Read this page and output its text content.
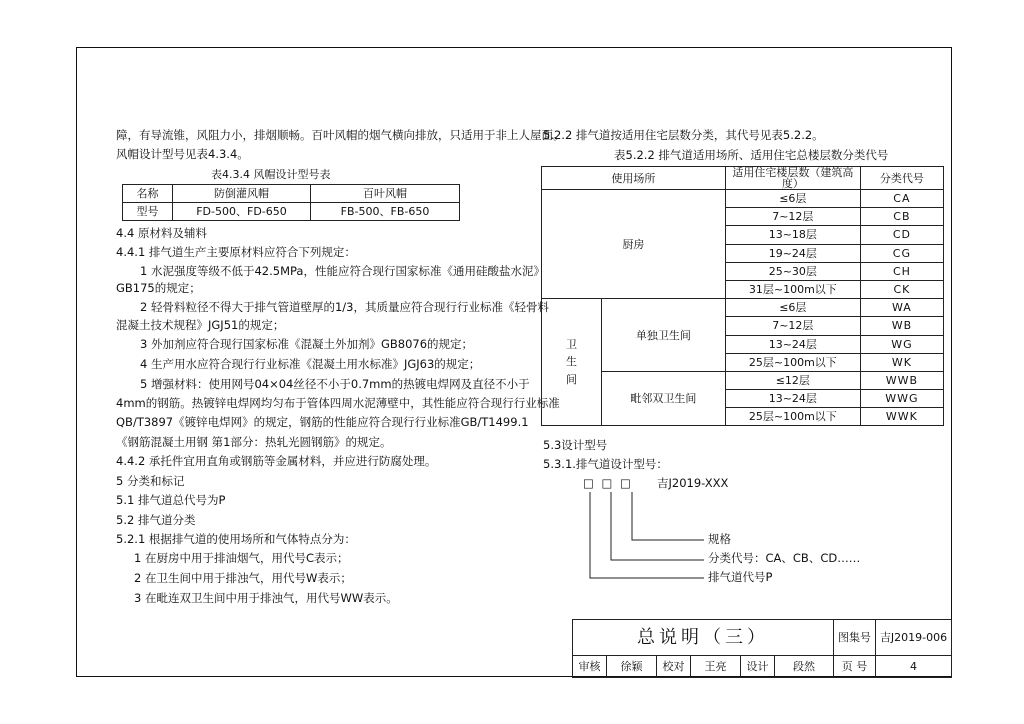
障，有导流锥，风阻力小，排烟顺畅。百叶风帽的烟气横向排放，只适用于非上人屋面。
风帽设计型号见表4.3.4。
表4.3.4 风帽设计型号表
名称	防倒灌风帽	百叶风帽
型号	FD-500、FD-650	FB-500、FB-650
4.4 原材料及辅料
4.4.1 排气道生产主要原材料应符合下列规定：
1 水泥强度等级不低于42.5MPa，性能应符合现行国家标准《通用硅酸盐水泥》
GB175的规定；
2 轻骨料粒径不得大于排气管道壁厚的1/3，其质量应符合现行行业标准《轻骨料
混凝土技术规程》JGJ51的规定；
3 外加剂应符合现行国家标准《混凝土外加剂》GB8076的规定；
4 生产用水应符合现行行业标准《混凝土用水标准》JGJ63的规定；
5 增强材料：使用网号04×04丝径不小于0.7mm的热镀电焊网及直径不小于
4mm的钢筋。热镀锌电焊网均匀布于管体四周水泥薄壁中，其性能应符合现行行业标准
QB/T3897《镀锌电焊网》的规定，钢筋的性能应符合现行行业标准GB/T1499.1
《钢筋混凝土用钢 第1部分：热轧光圆钢筋》的规定。
4.4.2 承托件宜用直角或钢筋等金属材料，并应进行防腐处理。
5 分类和标记
5.1 排气道总代号为P
5.2 排气道分类
5.2.1 根据排气道的使用场所和气体特点分为：
1 在厨房中用于排油烟气，用代号C表示；
2 在卫生间中用于排浊气，用代号W表示；
3 在毗连双卫生间中用于排浊气，用代号WW表示。
5.2.2 排气道按适用住宅层数分类，其代号见表5.2.2。
表5.2.2 排气道适用场所、适用住宅总楼层数分类代号
使用场所		适用住宅楼层数（建筑高度）	分类代号
厨房		≤6层	CA
		7~12层	CB
		13~18层	CD
		19~24层	CG
		25~30层	CH
		31层~100m以下	CK
卫
生
间	单独卫生间	≤6层	WA
		7~12层	WB
		13~24层	WG
		25层~100m以下	WK
	毗邻双卫生间	≤12层	WWB
		13~24层	WWG
		25层~100m以下	WWK
5.3设计型号
5.3.1.排气道设计型号：
□ □ □ 吉J2019-XXX
规格
分类代号：CA、CB、CD……
排气道代号P
总说明（三）						图集号	吉J2019-006
审核	徐颖	校对	王亮	设计	段然	页 号	4
